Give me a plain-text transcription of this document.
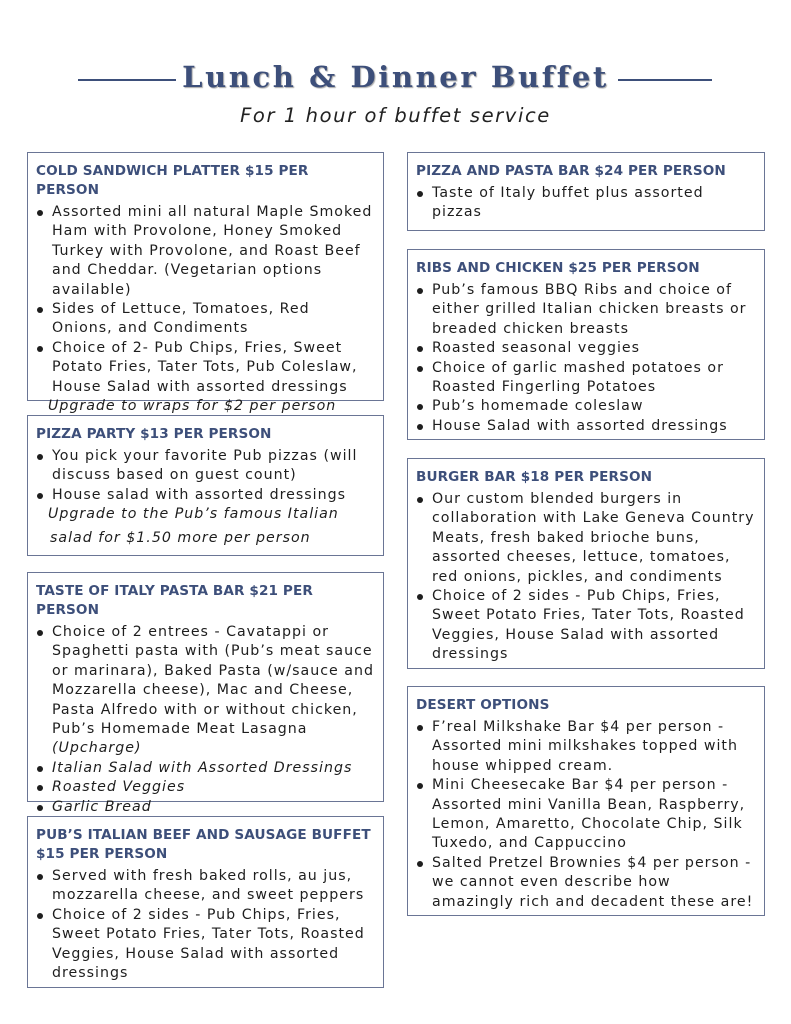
Lunch & Dinner Buffet
For 1 hour of buffet service
COLD SANDWICH PLATTER $15 PER PERSON
Assorted mini all natural Maple Smoked Ham with Provolone, Honey Smoked Turkey with Provolone, and Roast Beef and Cheddar. (Vegetarian options available)
Sides of Lettuce, Tomatoes, Red Onions, and Condiments
Choice of 2- Pub Chips, Fries, Sweet Potato Fries, Tater Tots, Pub Coleslaw, House Salad with assorted dressings
Upgrade to wraps for $2 per person
PIZZA PARTY $13 PER PERSON
You pick your favorite Pub pizzas (will discuss based on guest count)
House salad with assorted dressings
Upgrade to the Pub’s famous Italian
salad for $1.50 more per person
TASTE OF ITALY PASTA BAR $21 PER PERSON
Choice of 2 entrees - Cavatappi or Spaghetti pasta with (Pub’s meat sauce or marinara), Baked Pasta (w/sauce and Mozzarella cheese), Mac and Cheese, Pasta Alfredo with or without chicken, Pub’s Homemade Meat Lasagna (Upcharge)
Italian Salad with Assorted Dressings
Roasted Veggies
Garlic Bread
PUB’S ITALIAN BEEF AND SAUSAGE BUFFET $15 PER PERSON
Served with fresh baked rolls, au jus, mozzarella cheese, and sweet peppers
Choice of 2 sides - Pub Chips, Fries, Sweet Potato Fries, Tater Tots, Roasted Veggies, House Salad with assorted dressings
PIZZA AND PASTA BAR $24 PER PERSON
Taste of Italy buffet plus assorted pizzas
RIBS AND CHICKEN $25 PER PERSON
Pub’s famous BBQ Ribs and choice of either grilled Italian chicken breasts or breaded chicken breasts
Roasted seasonal veggies
Choice of garlic mashed potatoes or Roasted Fingerling Potatoes
Pub’s homemade coleslaw
House Salad with assorted dressings
BURGER BAR $18 PER PERSON
Our custom blended burgers in collaboration with Lake Geneva Country Meats, fresh baked brioche buns, assorted cheeses, lettuce, tomatoes, red onions, pickles, and condiments
Choice of 2 sides - Pub Chips, Fries, Sweet Potato Fries, Tater Tots, Roasted Veggies, House Salad with assorted dressings
DESERT OPTIONS
F’real Milkshake Bar $4 per person - Assorted mini milkshakes topped with house whipped cream.
Mini Cheesecake Bar $4 per person - Assorted mini Vanilla Bean, Raspberry, Lemon, Amaretto, Chocolate Chip, Silk Tuxedo, and Cappuccino
Salted Pretzel Brownies $4 per person - we cannot even describe how amazingly rich and decadent these are!
